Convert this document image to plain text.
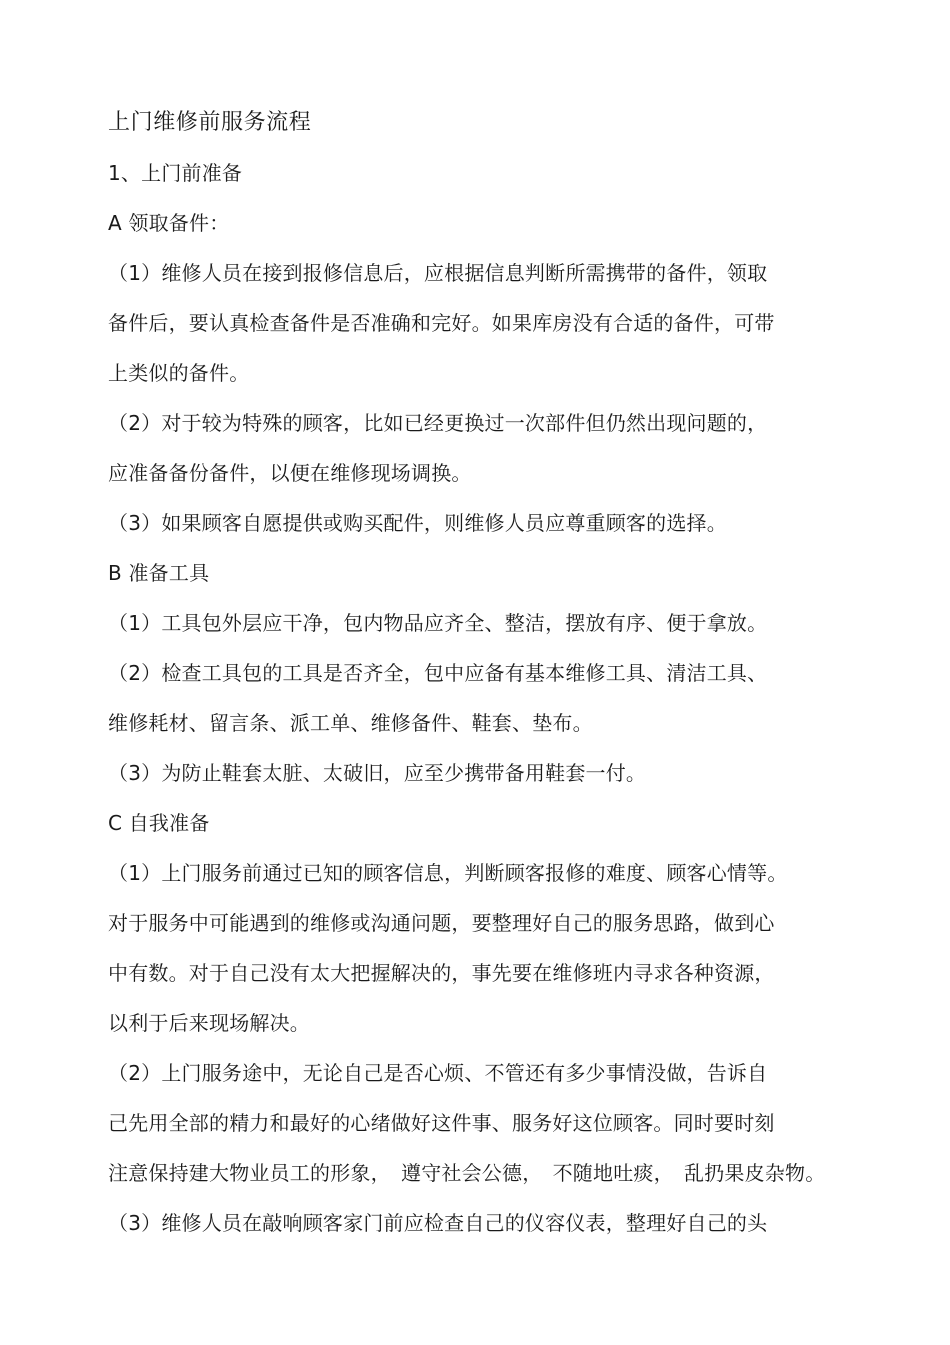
上门维修前服务流程
1、上门前准备
A 领取备件：
（1）维修人员在接到报修信息后，应根据信息判断所需携带的备件，领取
备件后，要认真检查备件是否准确和完好。如果库房没有合适的备件，可带
上类似的备件。
（2）对于较为特殊的顾客，比如已经更换过一次部件但仍然出现问题的，
应准备备份备件，以便在维修现场调换。
（3）如果顾客自愿提供或购买配件，则维修人员应尊重顾客的选择。
B 准备工具
（1）工具包外层应干净，包内物品应齐全、整洁，摆放有序、便于拿放。
（2）检查工具包的工具是否齐全，包中应备有基本维修工具、清洁工具、
维修耗材、留言条、派工单、维修备件、鞋套、垫布。
（3）为防止鞋套太脏、太破旧，应至少携带备用鞋套一付。
C 自我准备
（1）上门服务前通过已知的顾客信息，判断顾客报修的难度、顾客心情等。
对于服务中可能遇到的维修或沟通问题，要整理好自己的服务思路，做到心
中有数。对于自己没有太大把握解决的，事先要在维修班内寻求各种资源，
以利于后来现场解决。
（2）上门服务途中，无论自己是否心烦、不管还有多少事情没做，告诉自
己先用全部的精力和最好的心绪做好这件事、服务好这位顾客。同时要时刻
注意保持建大物业员工的形象，　遵守社会公德，　不随地吐痰，　乱扔果皮杂物。
（3）维修人员在敲响顾客家门前应检查自己的仪容仪表，整理好自己的头
